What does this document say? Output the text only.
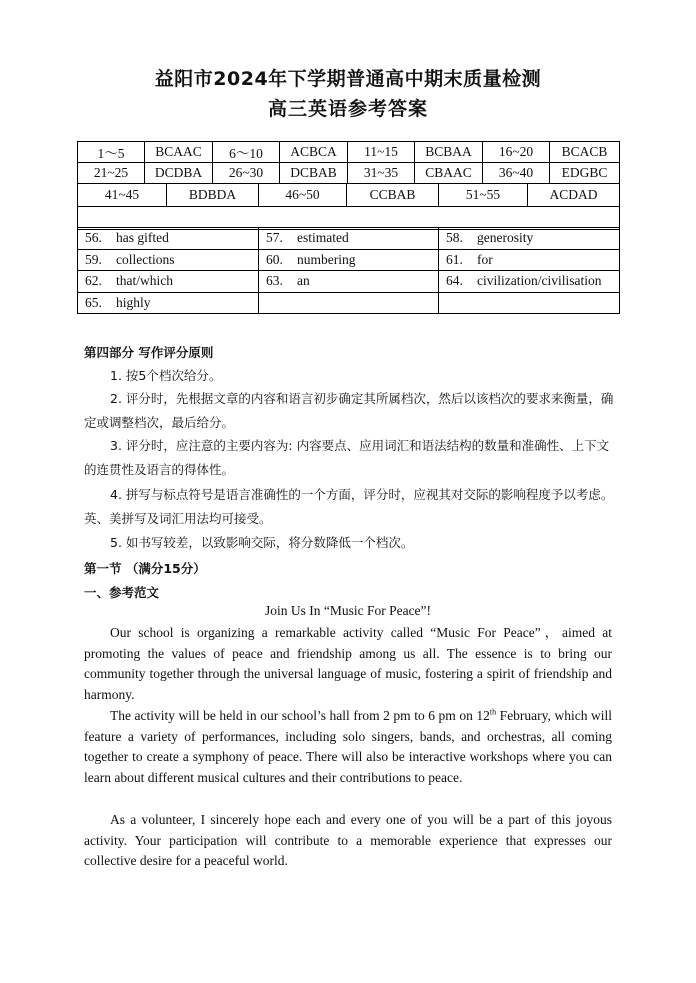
益阳市2024年下学期普通高中期末质量检测
高三英语参考答案
1～5	BCAAC	6～10	ACBCA	11~15	BCBAA	16~20	BCACB
21~25	DCDBA	26~30	DCBAB	31~35	CBAAC	36~40	EDGBC
41~45	BDBDA	46~50	CCBAB	51~55	ACDAD

56. has gifted	57. estimated	58. generosity
59. collections	60. numbering	61. for
62. that/which	63. an	64. civilization/civilisation
65. highly		
第四部分 写作评分原则
1. 按5个档次给分。
2. 评分时，先根据文章的内容和语言初步确定其所属档次，然后以该档次的要求来衡量，确定或调整档次，最后给分。
3. 评分时，应注意的主要内容为: 内容要点、应用词汇和语法结构的数量和准确性、上下文的连贯性及语言的得体性。
4. 拼写与标点符号是语言准确性的一个方面，评分时，应视其对交际的影响程度予以考虑。英、美拼写及词汇用法均可接受。
5. 如书写较差，以致影响交际，将分数降低一个档次。
第一节 （满分15分）
一、参考范文
Join Us In “Music For Peace”!
Our school is organizing a remarkable activity called “Music For Peace”，aimed at promoting the values of peace and friendship among us all. The essence is to bring our community together through the universal language of music, fostering a spirit of friendship and harmony.
The activity will be held in our school’s hall from 2 pm to 6 pm on 12th February, which will feature a variety of performances, including solo singers, bands, and orchestras, all coming together to create a symphony of peace. There will also be interactive workshops where you can learn about different musical cultures and their contributions to peace.
As a volunteer, I sincerely hope each and every one of you will be a part of this joyous activity. Your participation will contribute to a memorable experience that expresses our collective desire for a peaceful world.
